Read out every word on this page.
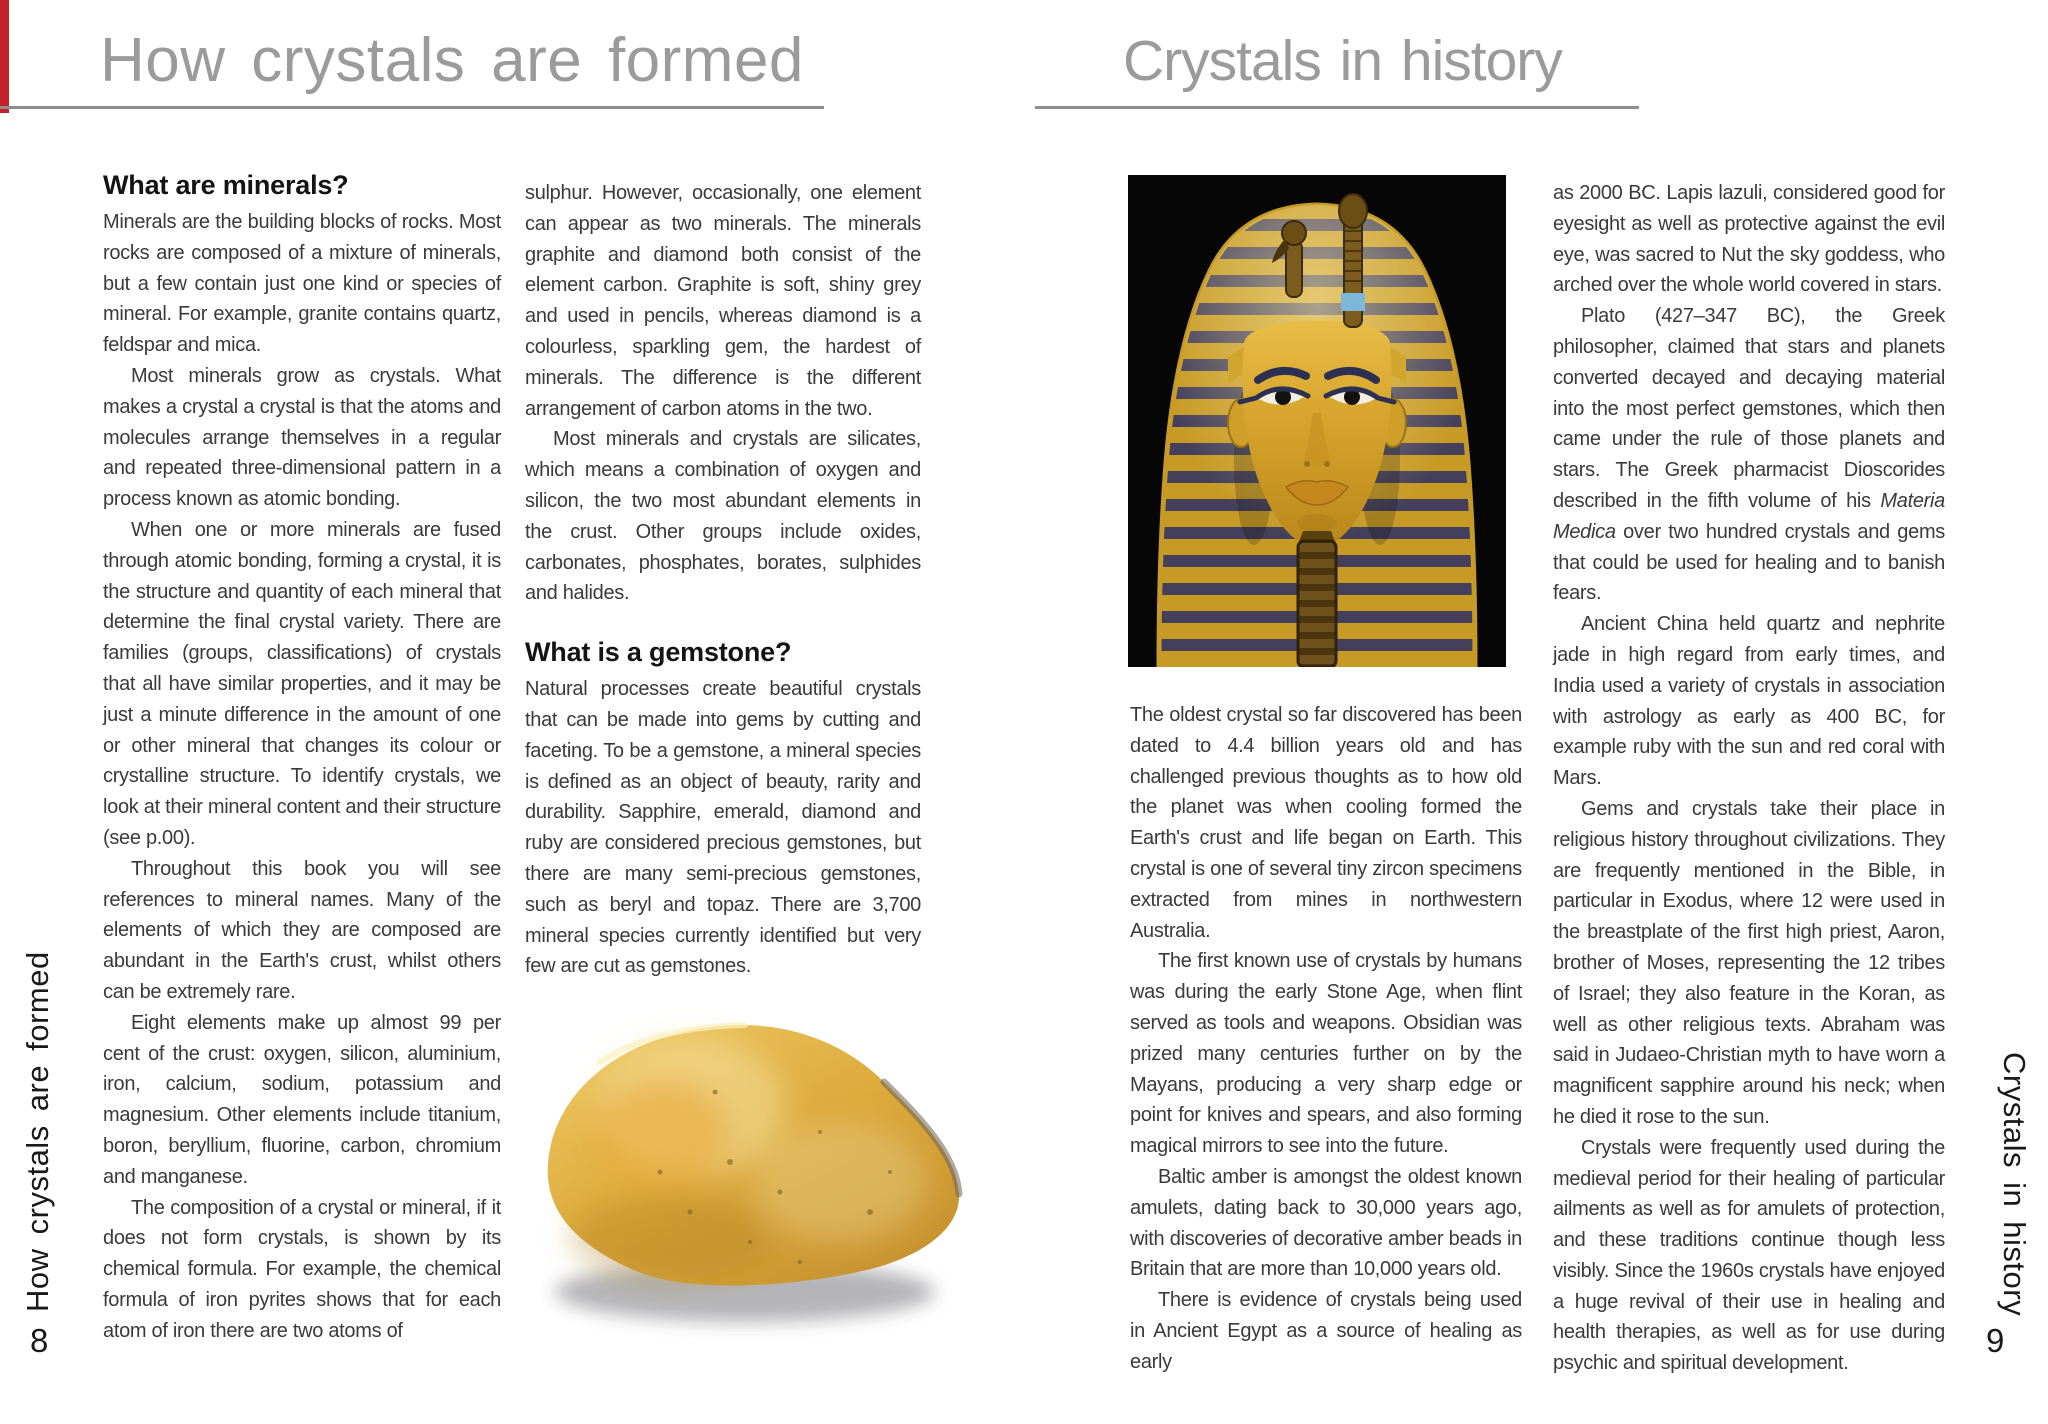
How crystals are formed
What are minerals?

Minerals are the building blocks of rocks. Most rocks are composed of a mixture of minerals, but a few contain just one kind or species of mineral. For example, granite contains quartz, feldspar and mica.

Most minerals grow as crystals. What makes a crystal a crystal is that the atoms and molecules arrange themselves in a regular and repeated three-dimensional pattern in a process known as atomic bonding.

When one or more minerals are fused through atomic bonding, forming a crystal, it is the structure and quantity of each mineral that determine the final crystal variety. There are families (groups, classifications) of crystals that all have similar properties, and it may be just a minute difference in the amount of one or other mineral that changes its colour or crystalline structure. To identify crystals, we look at their mineral content and their structure (see p.00).

Throughout this book you will see references to mineral names. Many of the elements of which they are composed are abundant in the Earth's crust, whilst others can be extremely rare.

Eight elements make up almost 99 per cent of the crust: oxygen, silicon, aluminium, iron, calcium, sodium, potassium and magnesium. Other elements include titanium, boron, beryllium, fluorine, carbon, chromium and manganese.

The composition of a crystal or mineral, if it does not form crystals, is shown by its chemical formula. For example, the chemical formula of iron pyrites shows that for each atom of iron there are two atoms of

sulphur. However, occasionally, one element can appear as two minerals. The minerals graphite and diamond both consist of the element carbon. Graphite is soft, shiny grey and used in pencils, whereas diamond is a colourless, sparkling gem, the hardest of minerals. The difference is the different arrangement of carbon atoms in the two.

Most minerals and crystals are silicates, which means a combination of oxygen and silicon, the two most abundant elements in the crust. Other groups include oxides, carbonates, phosphates, borates, sulphides and halides.

What is a gemstone?

Natural processes create beautiful crystals that can be made into gems by cutting and faceting. To be a gemstone, a mineral species is defined as an object of beauty, rarity and durability. Sapphire, emerald, diamond and ruby are considered precious gemstones, but there are many semi-precious gemstones, such as beryl and topaz. There are 3,700 mineral species currently identified but very few are cut as gemstones.

How crystals are formed
8
Crystals in history

The oldest crystal so far discovered has been dated to 4.4 billion years old and has challenged previous thoughts as to how old the planet was when cooling formed the Earth's crust and life began on Earth. This crystal is one of several tiny zircon specimens extracted from mines in northwestern Australia.

The first known use of crystals by humans was during the early Stone Age, when flint served as tools and weapons. Obsidian was prized many centuries further on by the Mayans, producing a very sharp edge or point for knives and spears, and also forming magical mirrors to see into the future.

Baltic amber is amongst the oldest known amulets, dating back to 30,000 years ago, with discoveries of decorative amber beads in Britain that are more than 10,000 years old.

There is evidence of crystals being used in Ancient Egypt as a source of healing as early

as 2000 BC. Lapis lazuli, considered good for eyesight as well as protective against the evil eye, was sacred to Nut the sky goddess, who arched over the whole world covered in stars.

Plato (427–347 BC), the Greek philosopher, claimed that stars and planets converted decayed and decaying material into the most perfect gemstones, which then came under the rule of those planets and stars. The Greek pharmacist Dioscorides described in the fifth volume of his Materia Medica over two hundred crystals and gems that could be used for healing and to banish fears.

Ancient China held quartz and nephrite jade in high regard from early times, and India used a variety of crystals in association with astrology as early as 400 BC, for example ruby with the sun and red coral with Mars.

Gems and crystals take their place in religious history throughout civilizations. They are frequently mentioned in the Bible, in particular in Exodus, where 12 were used in the breastplate of the first high priest, Aaron, brother of Moses, representing the 12 tribes of Israel; they also feature in the Koran, as well as other religious texts. Abraham was said in Judaeo-Christian myth to have worn a magnificent sapphire around his neck; when he died it rose to the sun.

Crystals were frequently used during the medieval period for their healing of particular ailments as well as for amulets of protection, and these traditions continue though less visibly. Since the 1960s crystals have enjoyed a huge revival of their use in healing and health therapies, as well as for use during psychic and spiritual development.

Crystals in history
9
